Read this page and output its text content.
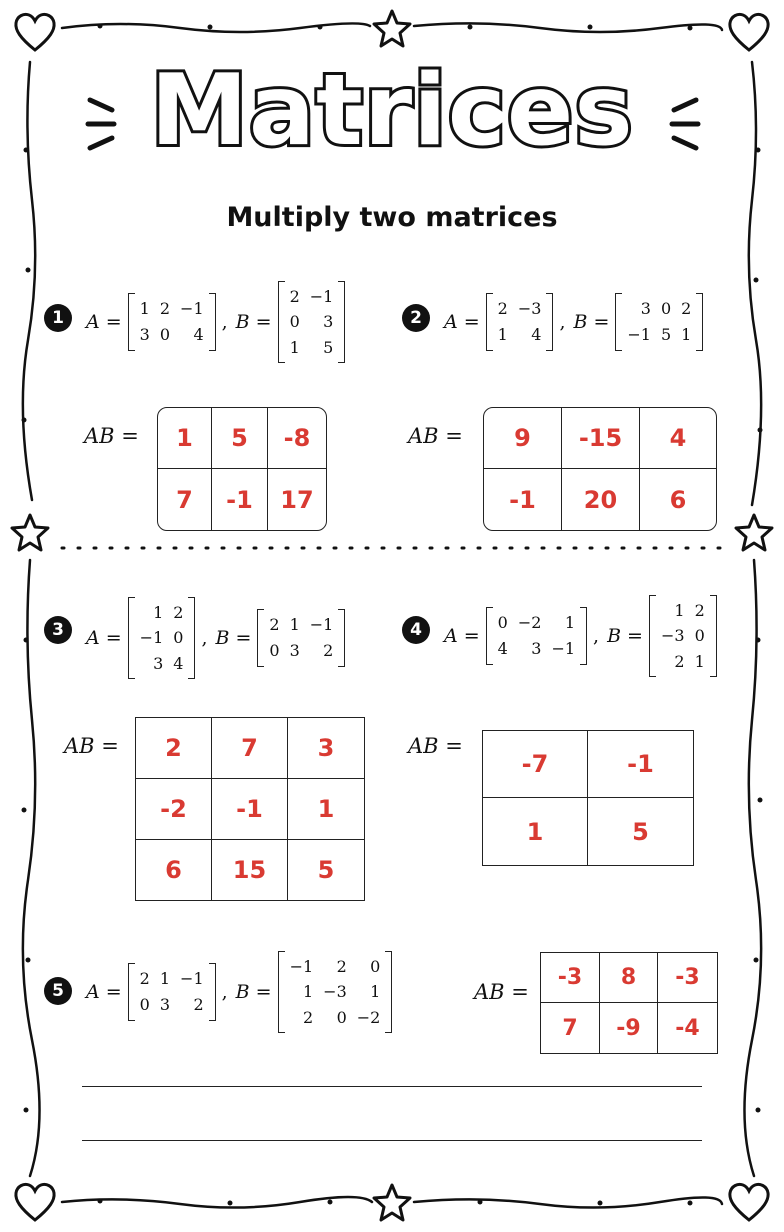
Matrices
Multiply two matrices
1	A =
1 2 −1
3 0	4
, B =
2 −1
0	3
1	5
AB =	1	5	-8
7	-1	17
2	A =
2 −3
1	4
, B =
3 0 2
−1 5 1
AB =	9	-15	4
-1	20	6
3	A =
1 2
−1 0
3 4
, B =
2 1 −1
0 3	2
AB =	2	7	3
-2	-1	1
6	15	5
4	A =
0 −2	1
4	3 −1
, B =
1 2
−3 0
2 1
AB =
-7	-1
1	5
5	A =
2 1 −1
0 3	2
, B =
−1	2	0
1 −3	1
2	0 −2
AB =
-3	8	-3
7	-9	-4
